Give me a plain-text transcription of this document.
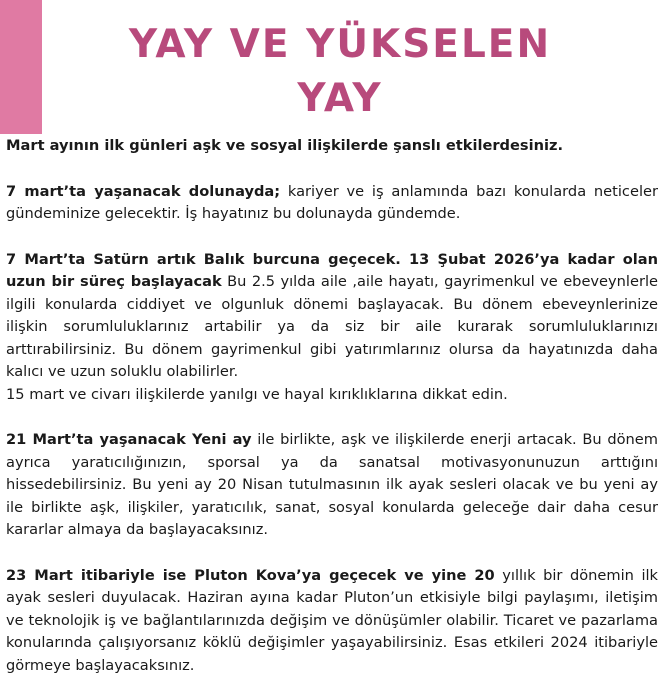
YAY VE YÜKSELEN
YAY

Mart ayının ilk günleri aşk ve sosyal ilişkilerde şanslı etkilerdesiniz.

7 mart’ta yaşanacak dolunayda; kariyer ve iş anlamında bazı konularda neticeler gündeminize gelecektir. İş hayatınız bu dolunayda gündemde.

7 Mart’ta Satürn artık Balık burcuna geçecek. 13 Şubat 2026’ya kadar olan uzun bir süreç başlayacak Bu 2.5 yılda aile ,aile hayatı, gayrimenkul ve ebeveynlerle ilgili konularda ciddiyet ve olgunluk dönemi başlayacak. Bu dönem ebeveynlerinize ilişkin sorumluluklarınız artabilir ya da siz bir aile kurarak sorumluluklarınızı arttırabilirsiniz. Bu dönem gayrimenkul gibi yatırımlarınız olursa da hayatınızda daha kalıcı ve uzun soluklu olabilirler.
15 mart ve civarı ilişkilerde yanılgı ve hayal kırıklıklarına dikkat edin.

21 Mart’ta yaşanacak Yeni ay ile birlikte, aşk ve ilişkilerde enerji artacak. Bu dönem ayrıca yaratıcılığınızın, sporsal ya da sanatsal motivasyonunuzun arttığını hissedebilirsiniz. Bu yeni ay 20 Nisan tutulmasının ilk ayak sesleri olacak ve bu yeni ay ile birlikte aşk, ilişkiler, yaratıcılık, sanat, sosyal konularda geleceğe dair daha cesur kararlar almaya da başlayacaksınız.

23 Mart itibariyle ise Pluton Kova’ya geçecek ve yine 20 yıllık bir dönemin ilk ayak sesleri duyulacak. Haziran ayına kadar Pluton’un etkisiyle bilgi paylaşımı, iletişim ve teknolojik iş ve bağlantılarınızda değişim ve dönüşümler olabilir. Ticaret ve pazarlama konularında çalışıyorsanız köklü değişimler yaşayabilirsiniz. Esas etkileri 2024 itibariyle görmeye başlayacaksınız.
